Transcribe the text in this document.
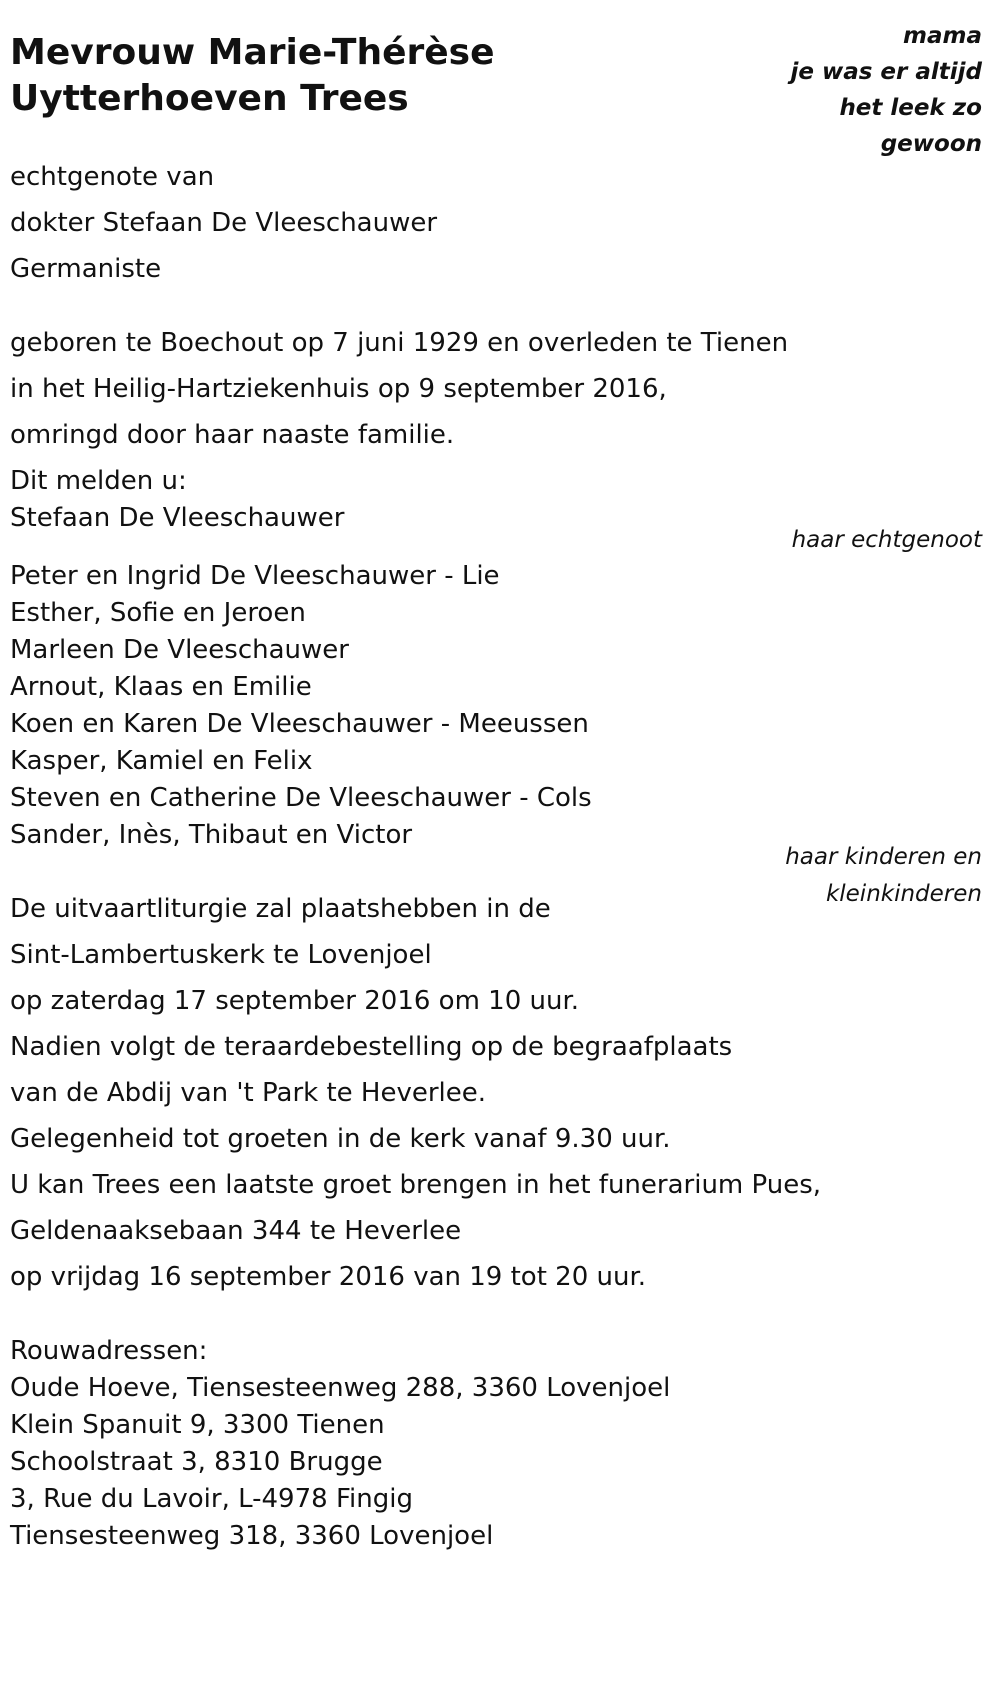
Mevrouw Marie-Thérèse
Uytterhoeven Trees
mama
je was er altijd
het leek zo
gewoon
echtgenote van
dokter Stefaan De Vleeschauwer
Germaniste
geboren te Boechout op 7 juni 1929 en overleden te Tienen
in het Heilig-Hartziekenhuis op 9 september 2016,
omringd door haar naaste familie.
Dit melden u:
Stefaan De Vleeschauwer
haar echtgenoot
Peter en Ingrid De Vleeschauwer - Lie
Esther, Sofie en Jeroen
Marleen De Vleeschauwer
Arnout, Klaas en Emilie
Koen en Karen De Vleeschauwer - Meeussen
Kasper, Kamiel en Felix
Steven en Catherine De Vleeschauwer - Cols
Sander, Inès, Thibaut en Victor
haar kinderen en
kleinkinderen
De uitvaartliturgie zal plaatshebben in de
Sint-Lambertuskerk te Lovenjoel
op zaterdag 17 september 2016 om 10 uur.
Nadien volgt de teraardebestelling op de begraafplaats
van de Abdij van 't Park te Heverlee.
Gelegenheid tot groeten in de kerk vanaf 9.30 uur.
U kan Trees een laatste groet brengen in het funerarium Pues,
Geldenaaksebaan 344 te Heverlee
op vrijdag 16 september 2016 van 19 tot 20 uur.
Rouwadressen:
Oude Hoeve, Tiensesteenweg 288, 3360 Lovenjoel
Klein Spanuit 9, 3300 Tienen
Schoolstraat 3, 8310 Brugge
3, Rue du Lavoir, L-4978 Fingig
Tiensesteenweg 318, 3360 Lovenjoel
